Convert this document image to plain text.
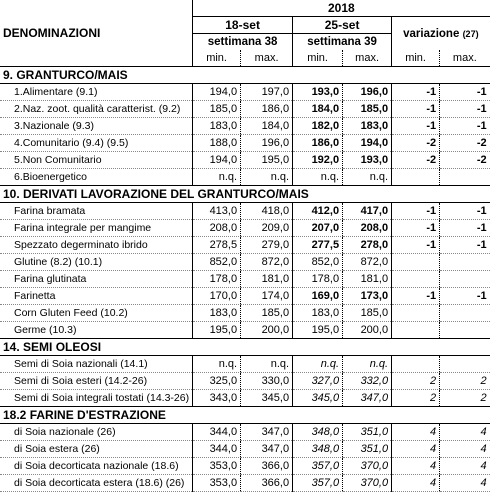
	2018					
DENOMINAZIONI	18-set		25-set		variazione (27)	
	settimana 38		settimana 39			
	min.	max.	min.	max.	min.	max.
9. GRANTURCO/MAIS						
1.Alimentare (9.1)	194,0	197,0	193,0	196,0	-1	-1
2.Naz. zoot. qualità caratterist. (9.2)	185,0	186,0	184,0	185,0	-1	-1
3.Nazionale (9.3)	183,0	184,0	182,0	183,0	-1	-1
4.Comunitario (9.4) (9.5)	188,0	196,0	186,0	194,0	-2	-2
5.Non Comunitario	194,0	195,0	192,0	193,0	-2	-2
6.Bioenergetico	n.q.	n.q.	n.q.	n.q.		
10. DERIVATI LAVORAZIONE DEL GRANTURCO/MAIS						
Farina bramata	413,0	418,0	412,0	417,0	-1	-1
Farina integrale per mangime	208,0	209,0	207,0	208,0	-1	-1
Spezzato degerminato ibrido	278,5	279,0	277,5	278,0	-1	-1
Glutine (8.2) (10.1)	852,0	872,0	852,0	872,0		
Farina glutinata	178,0	181,0	178,0	181,0		
Farinetta	170,0	174,0	169,0	173,0	-1	-1
Corn Gluten Feed (10.2)	183,0	185,0	183,0	185,0		
Germe (10.3)	195,0	200,0	195,0	200,0		
14. SEMI OLEOSI						
Semi di Soia nazionali (14.1)	n.q.	n.q.	n.q.	n.q.		
Semi di Soia esteri (14.2-26)	325,0	330,0	327,0	332,0	2	2
Semi di Soia integrali tostati (14.3-26)	343,0	345,0	345,0	347,0	2	2
18.2 FARINE D'ESTRAZIONE						
di Soia nazionale (26)	344,0	347,0	348,0	351,0	4	4
di Soia estera (26)	344,0	347,0	348,0	351,0	4	4
di Soia decorticata nazionale (18.6)	353,0	366,0	357,0	370,0	4	4
di Soia decorticata estera (18.6) (26)	353,0	366,0	357,0	370,0	4	4
